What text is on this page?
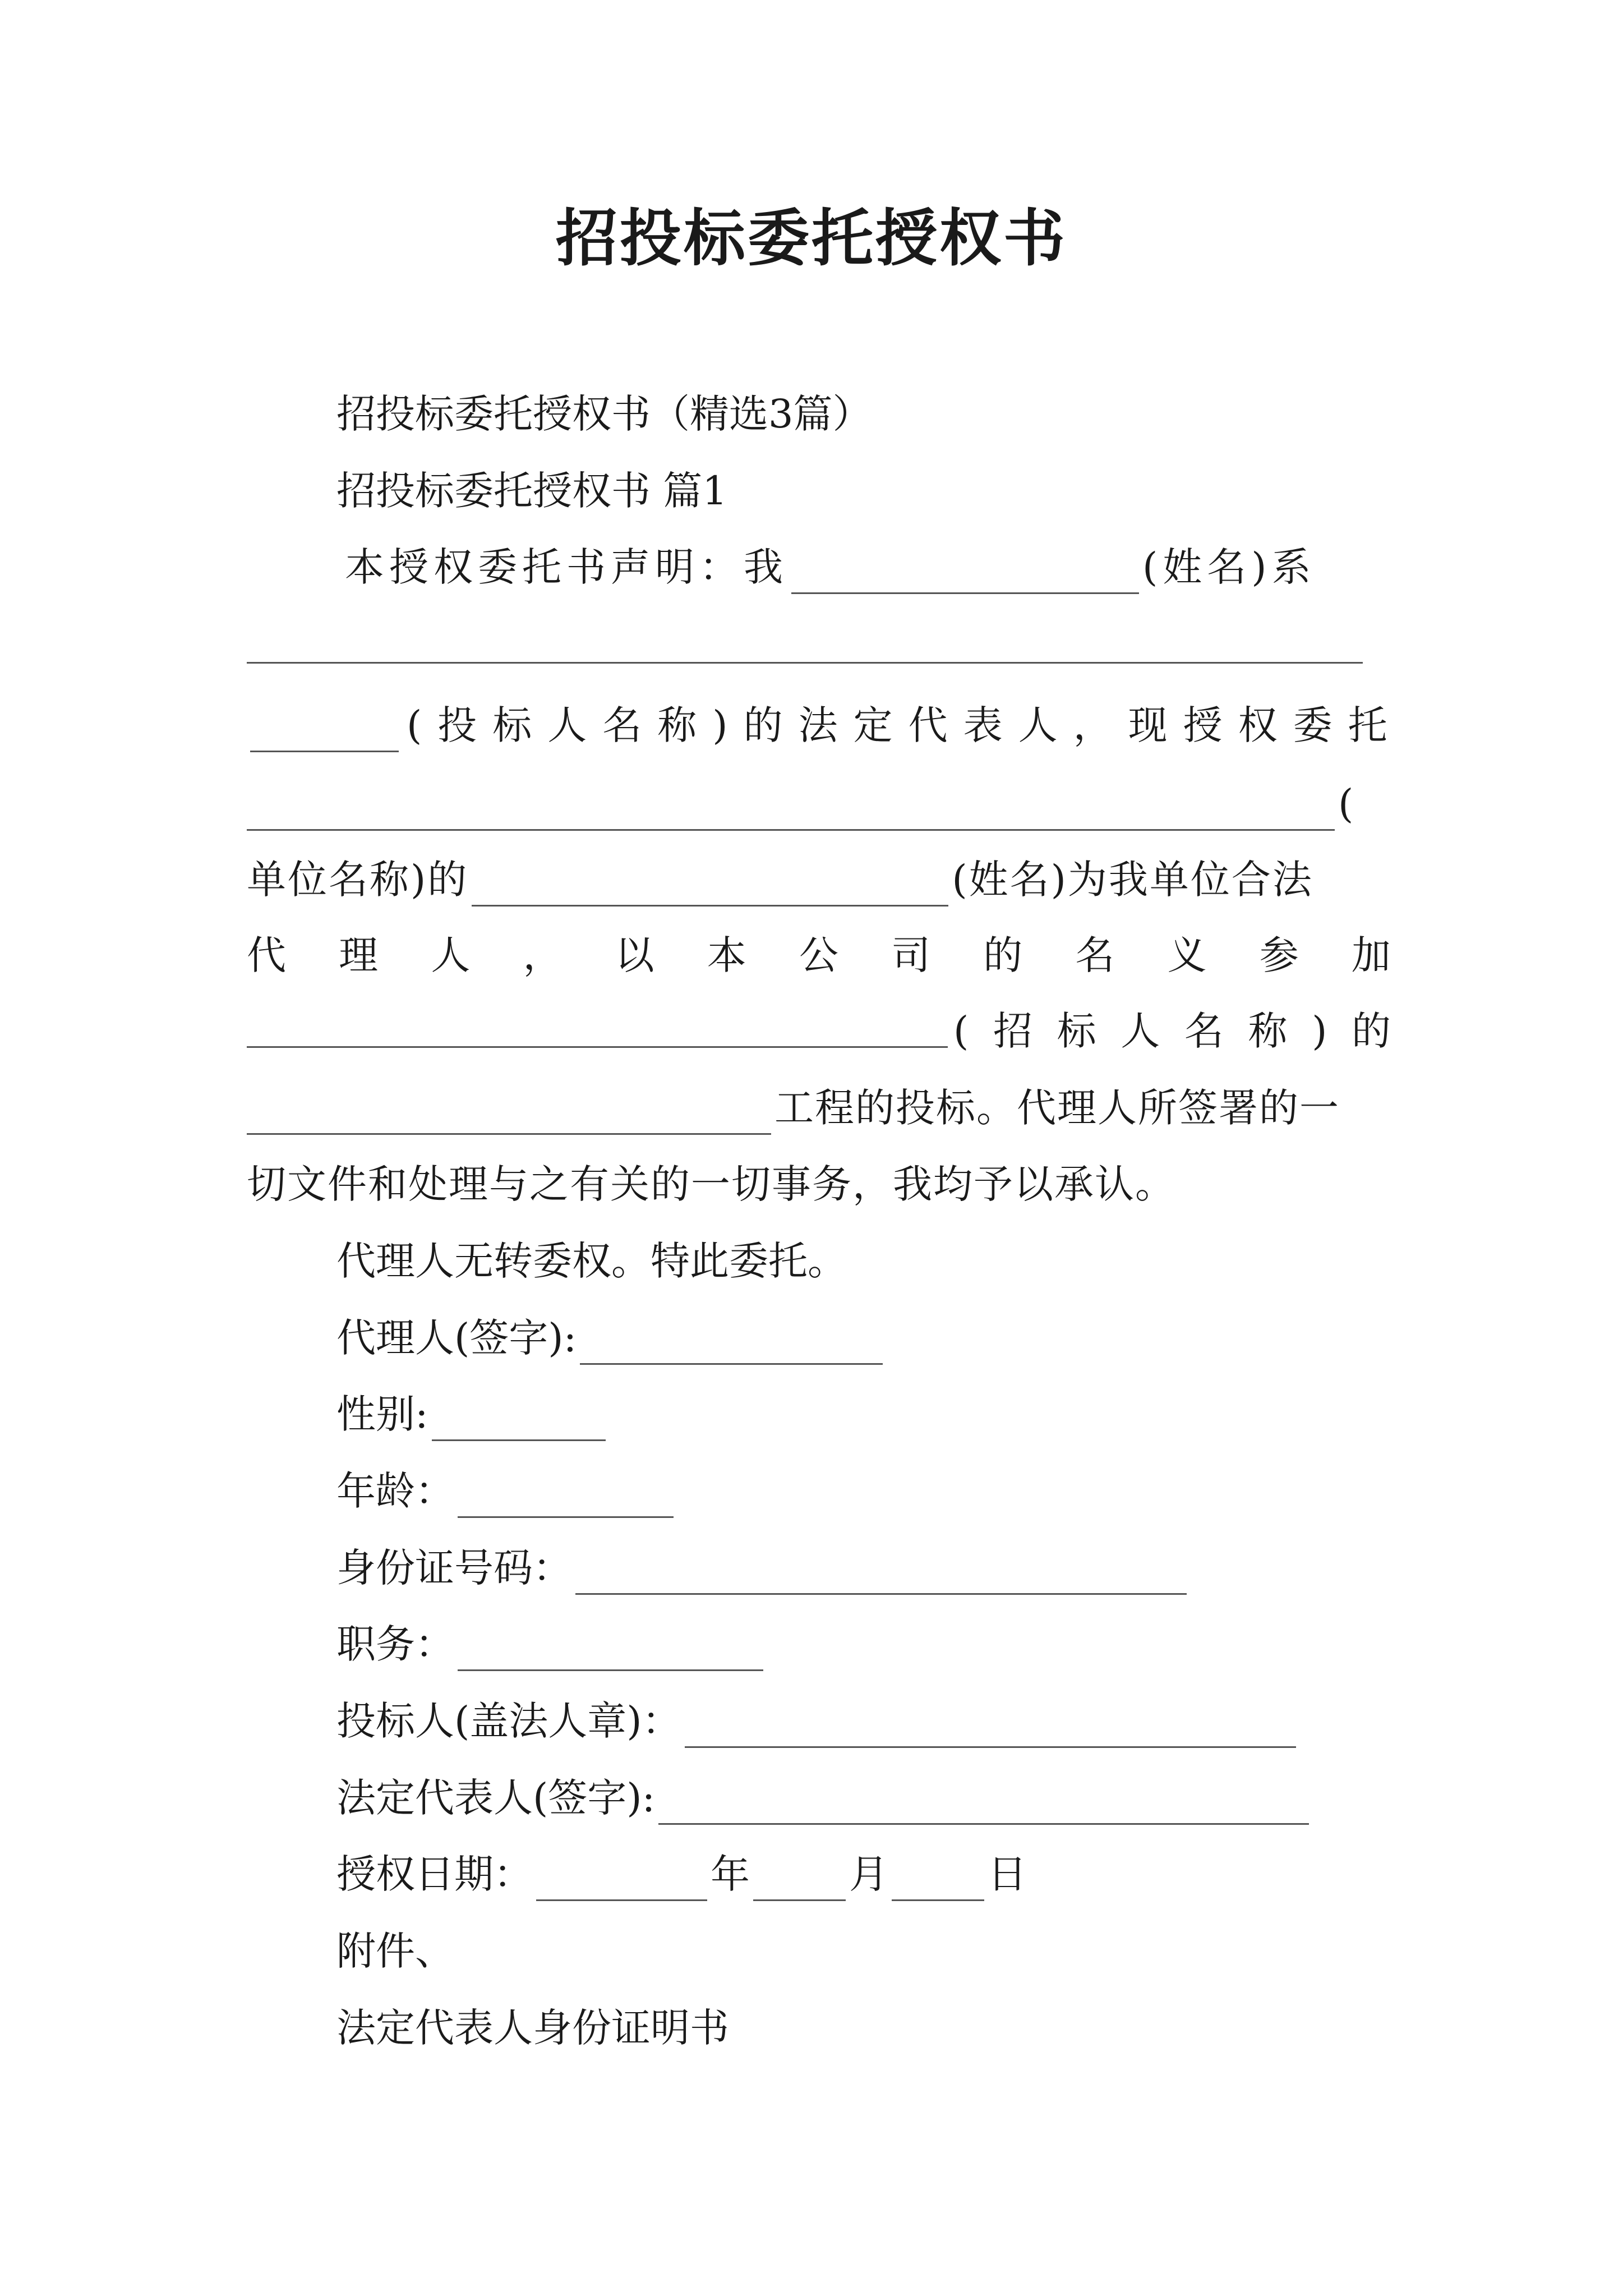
招投标委托授权书
招投标委托授权书（精选3篇）
招投标委托授权书 篇1
本授权委托书声明：我	(姓名)系
(投标人名称)的法定代表人，现授权委托
(
单位名称)的	(姓名)为我单位合法
代 理 人 ， 以 本 公 司 的 名 义 参 加
( 招 标 人 名 称 ) 的
工程的投标。代理人所签署的一
切文件和处理与之有关的一切事务，我均予以承认。
代理人无转委权。特此委托。
代理人(签字):
性别:
年龄：
身份证号码：
职务：
投标人(盖法人章)：
法定代表人(签字):
授权日期：	年	月	日
附件、
法定代表人身份证明书
